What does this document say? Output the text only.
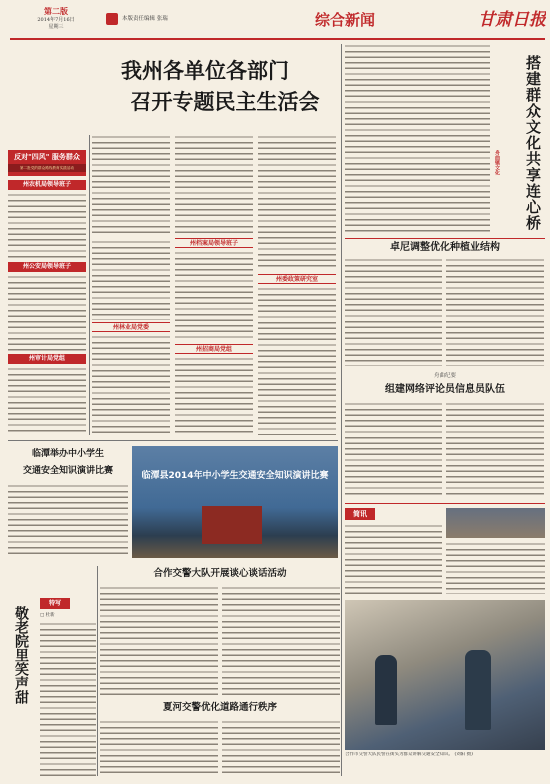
第二版
2014年7月16日
星期三
本版责任编辑 张瑞	综合新闻	甘肃日报
我州各单位各部门
召开专题民主生活会
反对"四风" 服务群众
第二批党的群众路线教育实践活动
州农机局领导班子
州公安局领导班子
州审计局党组
州林业局党委
州档案局领导班子
州招商局党组
州委政策研究室
搭建群众文化共享连心桥
舟曲镇文化
卓尼调整优化种植业结构
舟曲纪要
组建网络评论员信息员队伍
简讯
临潭举办中小学生
交通安全知识演讲比赛	临潭县2014年中小学生交通安全知识演讲比赛
合作交警大队开展谈心谈话活动
夏河交警优化道路通行秩序
敬老院里笑声甜
特写
□ 杜新
合作市交警大队民警在街头为群众讲解交通安全知识。 (刘阳 摄)
